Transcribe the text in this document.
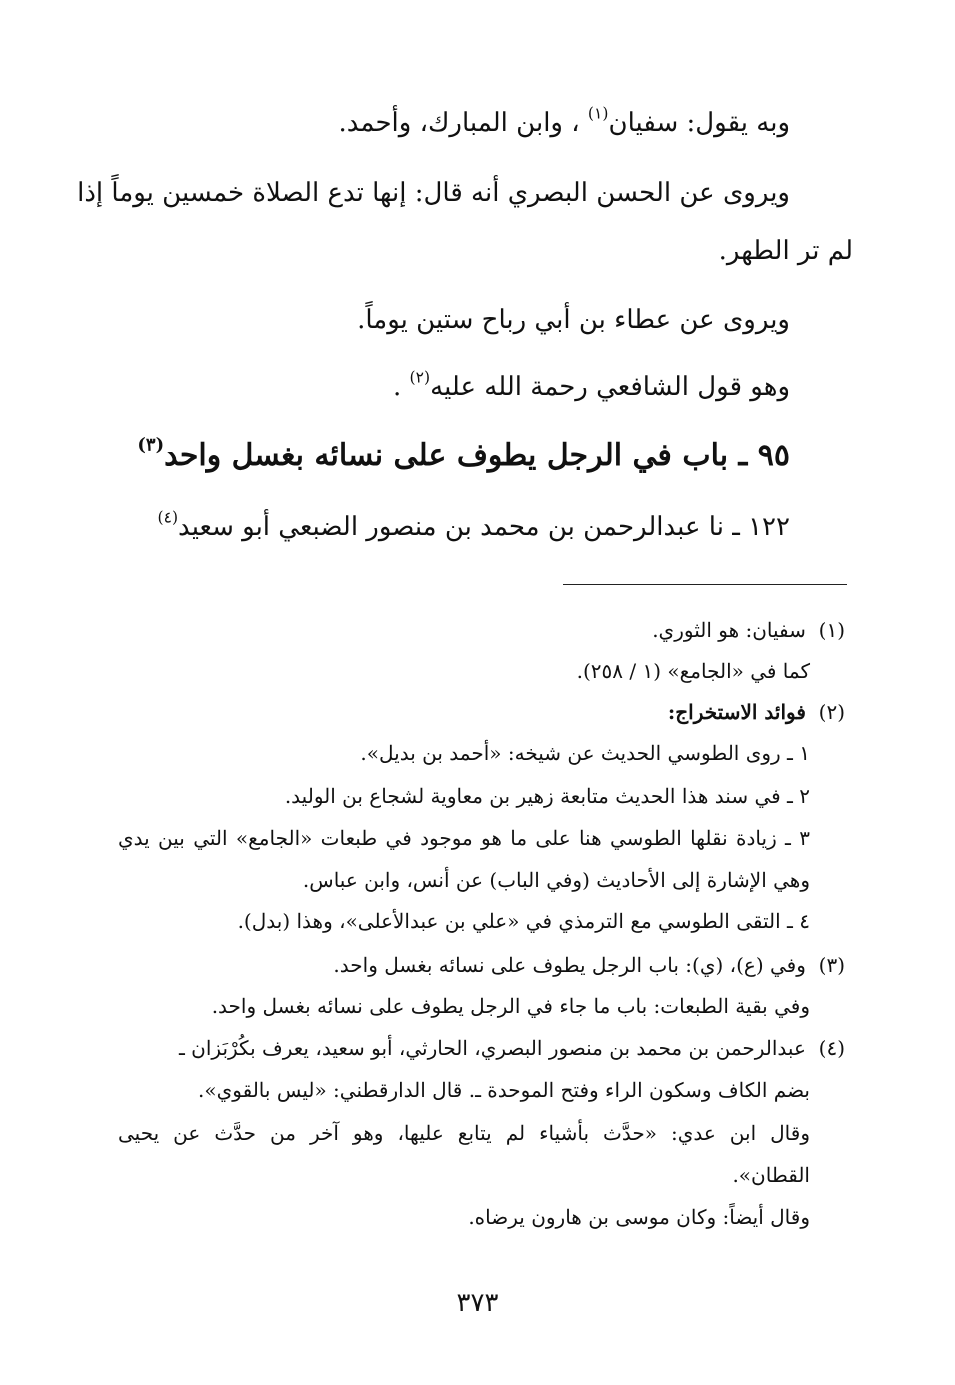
وبه يقول: سفيان$^{(١)}$ ، وابن المبارك، وأحمد.
ويروى عن الحسن البصري أنه قال: إنها تدع الصلاة خمسين يوماً إذا
لم تر الطهر.
ويروى عن عطاء بن أبي رباح ستين يوماً.
وهو قول الشافعي رحمة الله عليه$^{(٢)}$ .
٩٥ ـ باب في الرجل يطوف على نسائه بغسل واحد$^{(٣)}$
١٢٢ ـ نا عبدالرحمن بن محمد بن منصور الضبعي أبو سعيد$^{(٤)}$
(١)  سفيان: هو الثوري.
كما في «الجامع» (١ / ٢٥٨).
(٢)  فوائد الاستخراج:
١ ـ روى الطوسي الحديث عن شيخه: «أحمد بن بديل».
٢ ـ في سند هذا الحديث متابعة زهير بن معاوية لشجاع بن الوليد.
٣ ـ زيادة نقلها الطوسي هنا على ما هو موجود في طبعات «الجامع» التي بين يدي
وهي الإشارة إلى الأحاديث (وفي الباب) عن أنس، وابن عباس.
٤ ـ التقى الطوسي مع الترمذي في «علي بن عبدالأعلى»، وهذا (بدل).
(٣)  وفي (ع)، (ي): باب الرجل يطوف على نسائه بغسل واحد.
وفي بقية الطبعات: باب ما جاء في الرجل يطوف على نسائه بغسل واحد.
(٤)  عبدالرحمن بن محمد بن منصور البصري، الحارثي، أبو سعيد، يعرف بكُرْبَزان ـ
بضم الكاف وسكون الراء وفتح الموحدة ـ. قال الدارقطني: «ليس بالقوي».
وقال ابن عدي: «حدَّث بأشياء لم يتابع عليها، وهو آخر من حدَّث عن يحيى
القطان».
وقال أيضاً: وكان موسى بن هارون يرضاه.
٣٧٣
